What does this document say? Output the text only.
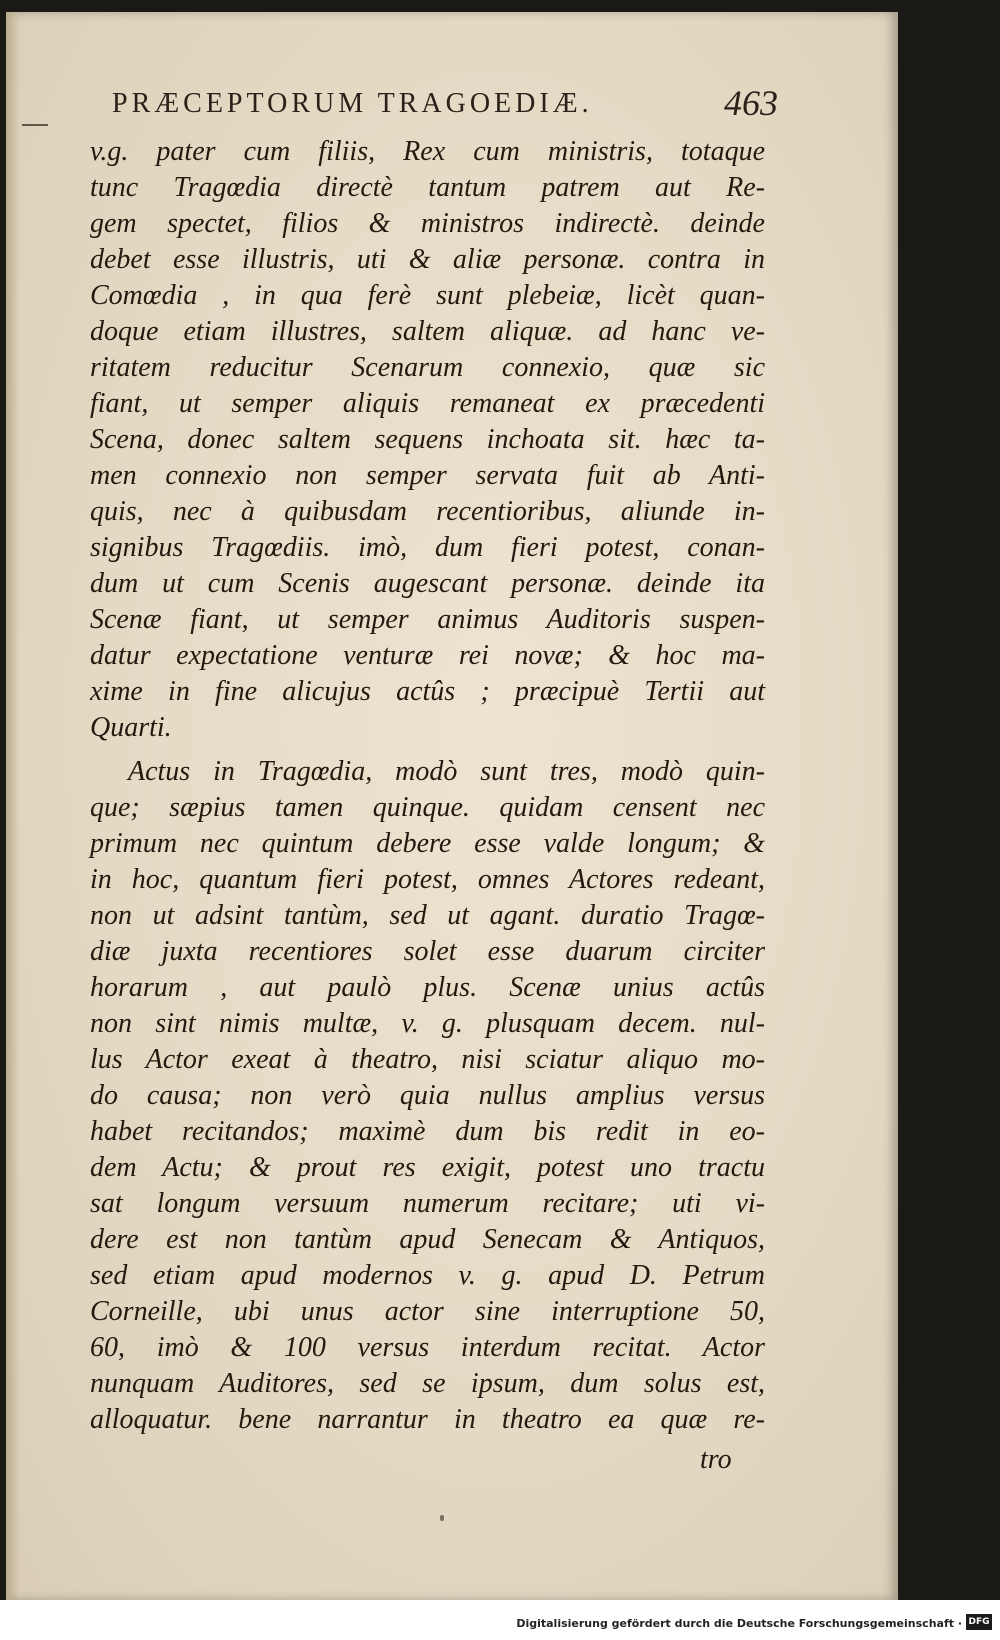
PRÆCEPTORUM TRAGOEDIÆ.	463
v.g. pater cum filiis, Rex cum ministris, totaque
tunc Tragœdia directè tantum patrem aut Re-
gem spectet, filios & ministros indirectè. deinde
debet esse illustris, uti & aliæ personæ. contra in
Comœdia , in qua ferè sunt plebeiæ, licèt quan-
doque etiam illustres, saltem aliquæ. ad hanc ve-
ritatem reducitur Scenarum connexio, quæ sic
fiant, ut semper aliquis remaneat ex præcedenti
Scena, donec saltem sequens inchoata sit. hæc ta-
men connexio non semper servata fuit ab Anti-
quis, nec à quibusdam recentioribus, aliunde in-
signibus Tragœdiis. imò, dum fieri potest, conan-
dum ut cum Scenis augescant personæ. deinde ita
Scenæ fiant, ut semper animus Auditoris suspen-
datur expectatione venturæ rei novæ; & hoc ma-
xime in fine alicujus actûs ; præcipuè Tertii aut
Quarti.
Actus in Tragœdia, modò sunt tres, modò quin-
que; sæpius tamen quinque. quidam censent nec
primum nec quintum debere esse valde longum; &
in hoc, quantum fieri potest, omnes Actores redeant,
non ut adsint tantùm, sed ut agant. duratio Tragœ-
diæ juxta recentiores solet esse duarum circiter
horarum , aut paulò plus. Scenæ unius actûs
non sint nimis multæ, v. g. plusquam decem. nul-
lus Actor exeat à theatro, nisi sciatur aliquo mo-
do causa; non verò quia nullus amplius versus
habet recitandos; maximè dum bis redit in eo-
dem Actu; & prout res exigit, potest uno tractu
sat longum versuum numerum recitare; uti vi-
dere est non tantùm apud Senecam & Antiquos,
sed etiam apud modernos v. g. apud D. Petrum
Corneille, ubi unus actor sine interruptione 50,
60, imò & 100 versus interdum recitat. Actor
nunquam Auditores, sed se ipsum, dum solus est,
alloquatur. bene narrantur in theatro ea quæ re-
tro
Digitalisierung gefördert durch die Deutsche Forschungsgemeinschaft · DFG
